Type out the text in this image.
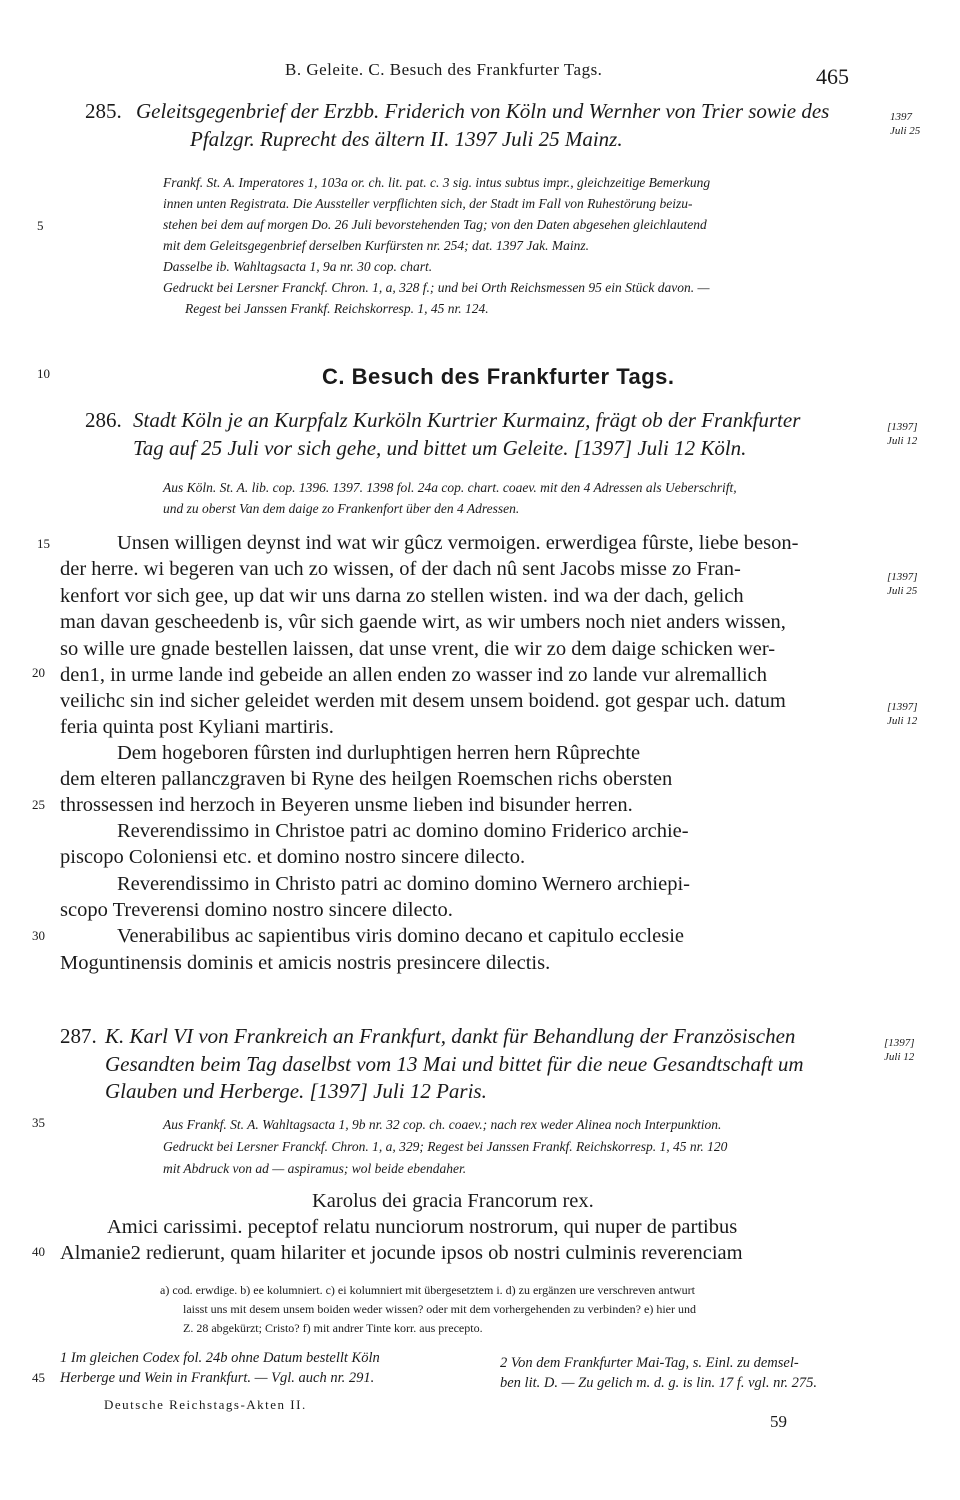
B. Geleite. C. Besuch des Frankfurter Tags.	465
285. Geleitsgegenbrief der Erzbb. Friderich von Köln und Wernher von Trier sowie des
Pfalzgr. Ruprecht des ältern II. 1397 Juli 25 Mainz.
1397
Juli 25
Frankf. St. A. Imperatores 1, 103a or. ch. lit. pat. c. 3 sig. intus subtus impr., gleichzeitige Bemerkung
innen unten Registrata. Die Aussteller verpflichten sich, der Stadt im Fall von Ruhestörung beizu-
stehen bei dem auf morgen Do. 26 Juli bevorstehenden Tag; von den Daten abgesehen gleichlautend
mit dem Geleitsgegenbrief derselben Kurfürsten nr. 254; dat. 1397 Jak. Mainz.
Dasselbe ib. Wahltagsacta 1, 9a nr. 30 cop. chart.
Gedruckt bei Lersner Franckf. Chron. 1, a, 328 f.; und bei Orth Reichsmessen 95 ein Stück davon. —
Regest bei Janssen Frankf. Reichskorresp. 1, 45 nr. 124.
5
10
15
20
25
30
35
40
45
C. Besuch des Frankfurter Tags.
286. Stadt Köln je an Kurpfalz Kurköln Kurtrier Kurmainz, frägt ob der Frankfurter
Tag auf 25 Juli vor sich gehe, und bittet um Geleite. [1397] Juli 12 Köln.
[1397]
Juli 12
Aus Köln. St. A. lib. cop. 1396. 1397. 1398 fol. 24a cop. chart. coaev. mit den 4 Adressen als Ueberschrift,
und zu oberst Van dem daige zo Frankenfort über den 4 Adressen.
Unsen willigen deynst ind wat wir gûcz vermoigen. erwerdigea fûrste, liebe beson-
der herre. wi begeren van uch zo wissen, of der dach nû sent Jacobs misse zo Fran-
kenfort vor sich gee, up dat wir uns darna zo stellen wisten. ind wa der dach, gelich
man davan gescheedenb is, vûr sich gaende wirt, as wir umbers noch niet anders wissen,
so wille ure gnade bestellen laissen, dat unse vrent, die wir zo dem daige schicken wer-
den1, in urme lande ind gebeide an allen enden zo wasser ind zo lande vur alremallich
veilichc sin ind sicher geleidet werden mit desem unsem boidend. got gespar uch. datum
feria quinta post Kyliani martiris.
Dem hogeboren fûrsten ind durluphtigen herren hern Rûprechte
dem elteren pallanczgraven bi Ryne des heilgen Roemschen richs obersten
throssessen ind herzoch in Beyeren unsme lieben ind bisunder herren.
Reverendissimo in Christoe patri ac domino domino Friderico archie-
piscopo Coloniensi etc. et domino nostro sincere dilecto.
Reverendissimo in Christo patri ac domino domino Wernero archiepi-
scopo Treverensi domino nostro sincere dilecto.
Venerabilibus ac sapientibus viris domino decano et capitulo ecclesie
Moguntinensis dominis et amicis nostris presincere dilectis.
[1397]
Juli 25
[1397]
Juli 12
287. K. Karl VI von Frankreich an Frankfurt, dankt für Behandlung der Französischen
Gesandten beim Tag daselbst vom 13 Mai und bittet für die neue Gesandtschaft um
Glauben und Herberge. [1397] Juli 12 Paris.
[1397]
Juli 12
Aus Frankf. St. A. Wahltagsacta 1, 9b nr. 32 cop. ch. coaev.; nach rex weder Alinea noch Interpunktion.
Gedruckt bei Lersner Franckf. Chron. 1, a, 329; Regest bei Janssen Frankf. Reichskorresp. 1, 45 nr. 120
mit Abdruck von ad — aspiramus; wol beide ebendaher.
Karolus dei gracia Francorum rex.
Amici carissimi. peceptof relatu nunciorum nostrorum, qui nuper de partibus
Almanie2 redierunt, quam hilariter et jocunde ipsos ob nostri culminis reverenciam
a) cod. erwdige. b) ee kolumniert. c) ei kolumniert mit übergesetztem i. d) zu ergänzen ure verschreven antwurt
laisst uns mit desem unsem boiden weder wissen? oder mit dem vorhergehenden zu verbinden? e) hier und
Z. 28 abgekürzt; Cristo? f) mit andrer Tinte korr. aus precepto.
1 Im gleichen Codex fol. 24b ohne Datum bestellt Köln
Herberge und Wein in Frankfurt. — Vgl. auch nr. 291.
2 Von dem Frankfurter Mai-Tag, s. Einl. zu demsel-
ben lit. D. — Zu gelich m. d. g. is lin. 17 f. vgl. nr. 275.
Deutsche Reichstags-Akten II.
59
